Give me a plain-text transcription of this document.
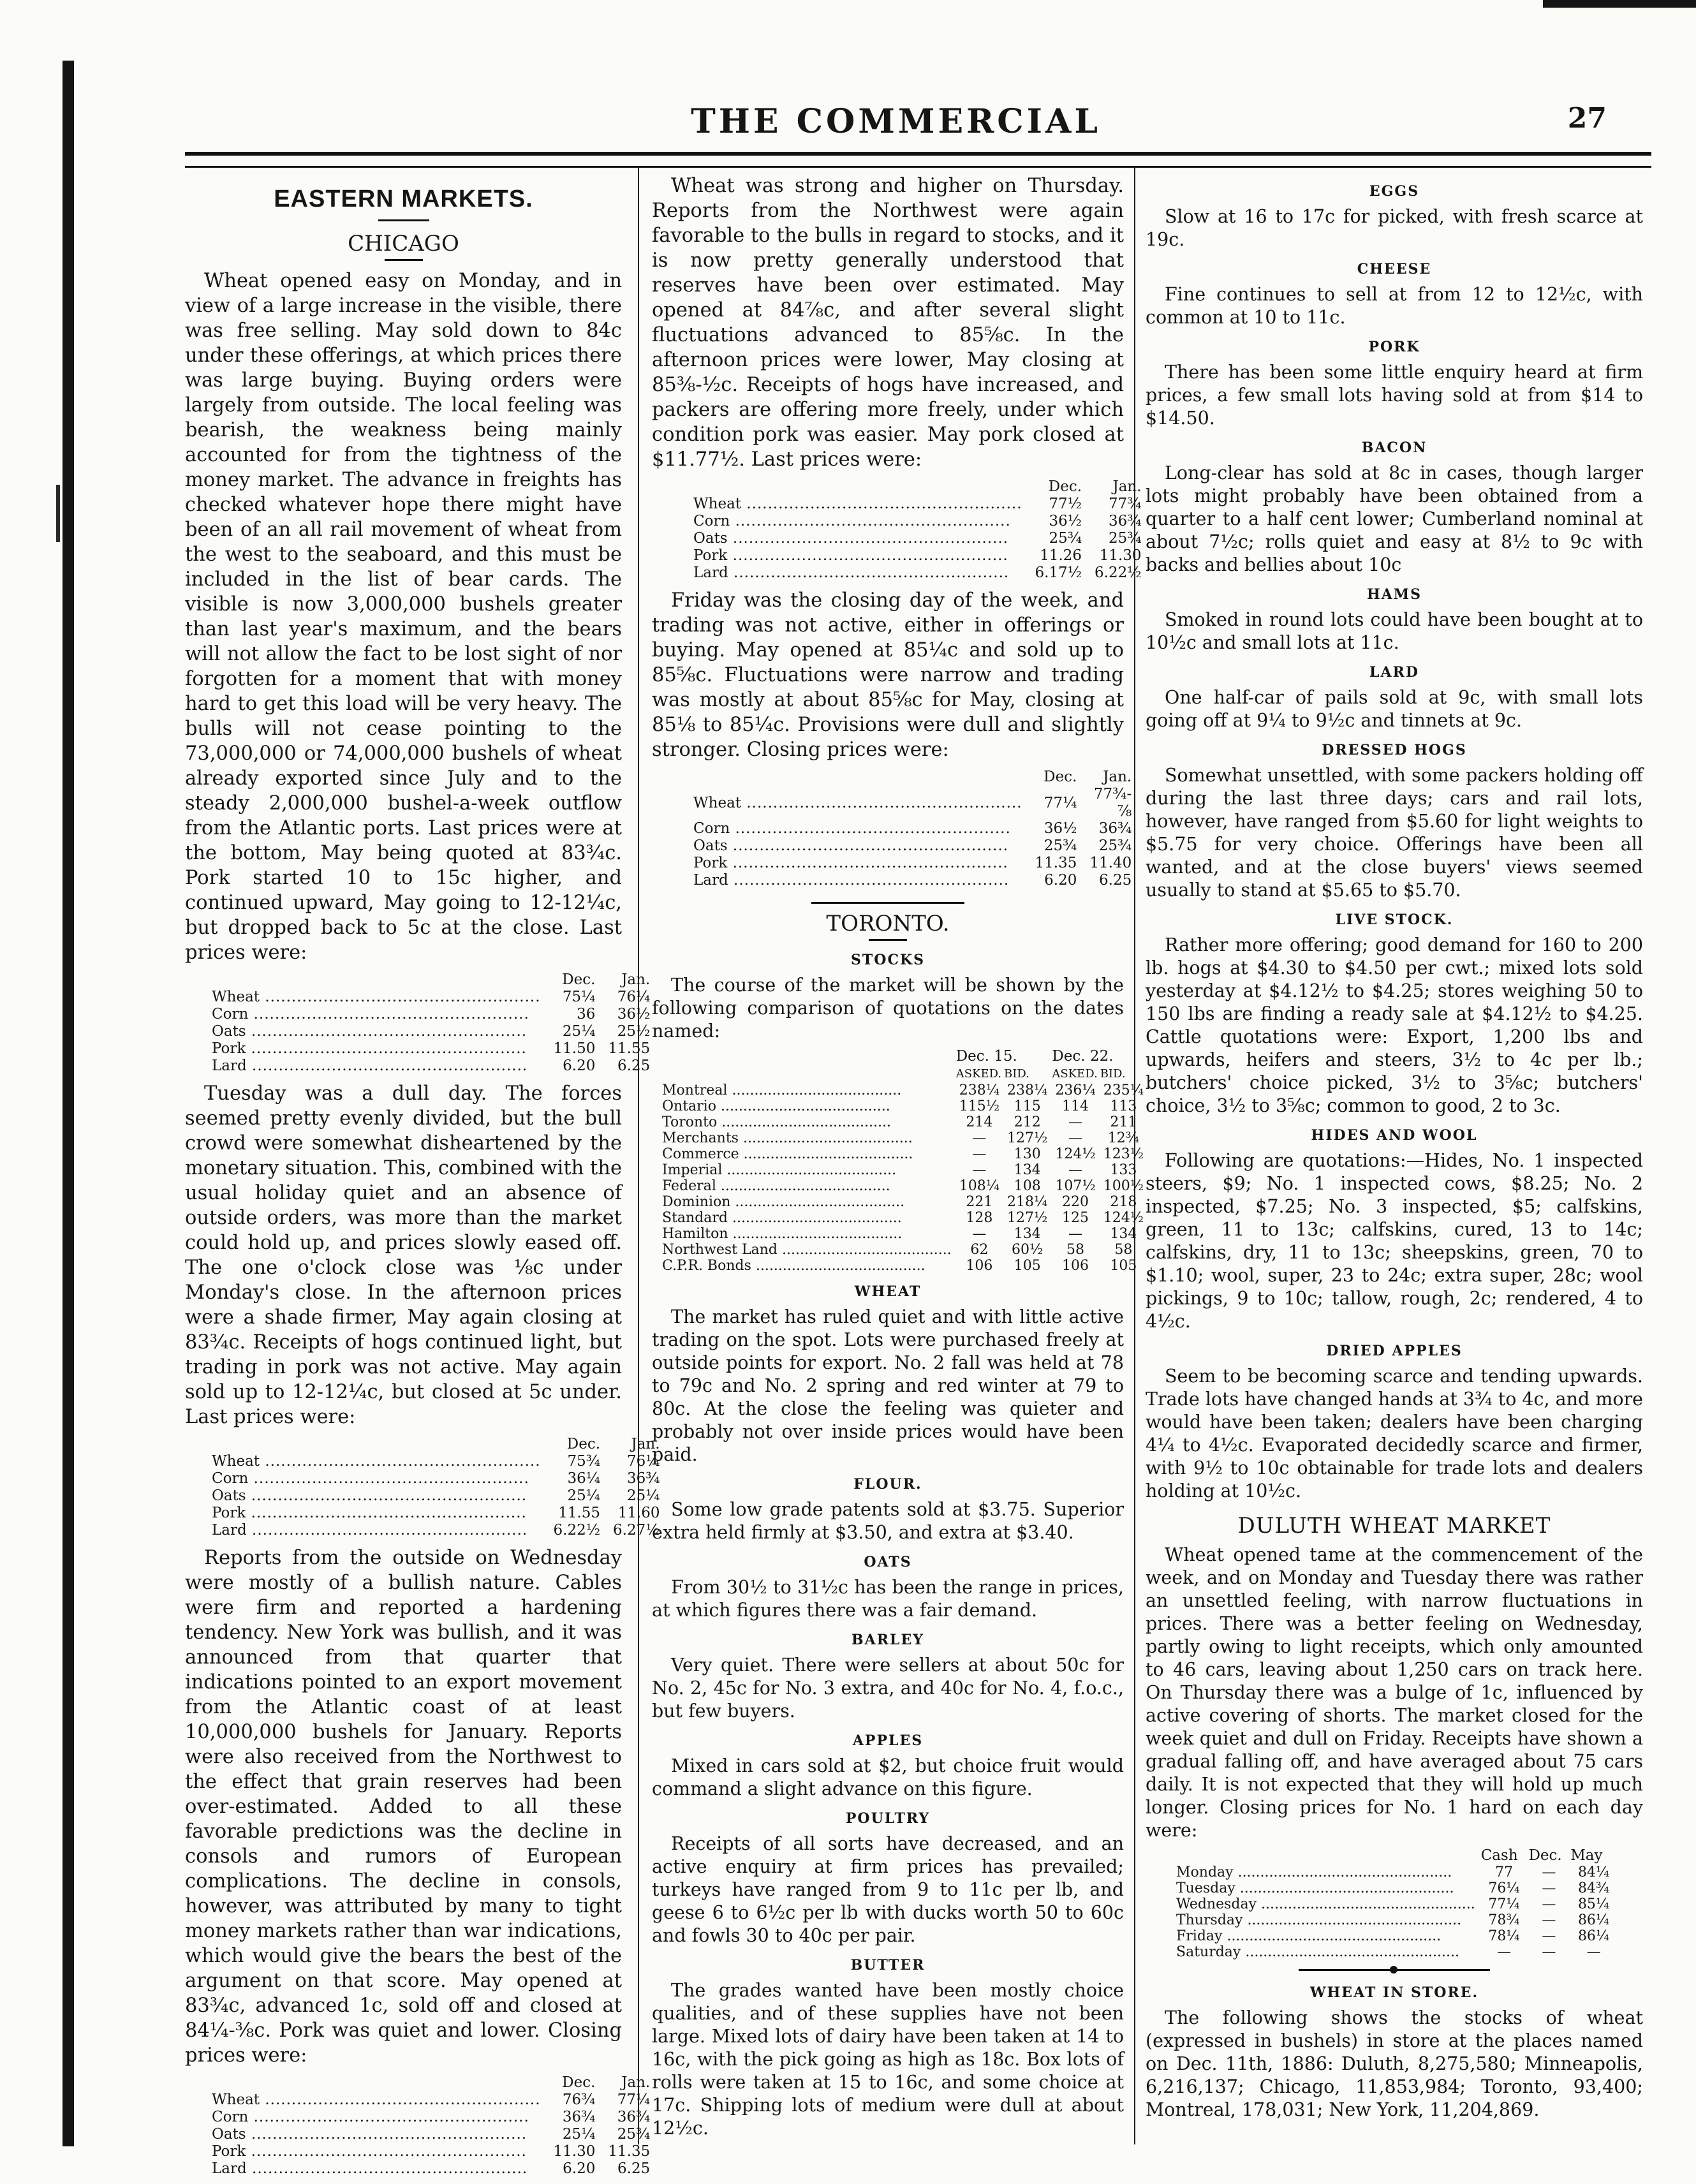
THE COMMERCIAL	27
EASTERN MARKETS.
CHICAGO

Wheat opened easy on Monday, and in view of a large increase in the visible, there was free selling. May sold down to 84c under these offerings, at which prices there was large buying. Buying orders were largely from outside. The local feeling was bearish, the weakness being mainly accounted for from the tightness of the money market. The advance in freights has checked whatever hope there might have been of an all rail movement of wheat from the west to the seaboard, and this must be included in the list of bear cards. The visible is now 3,000,000 bushels greater than last year's maximum, and the bears will not allow the fact to be lost sight of nor forgotten for a moment that with money hard to get this load will be very heavy. The bulls will not cease pointing to the 73,000,000 or 74,000,000 bushels of wheat already exported since July and to the steady 2,000,000 bushel-a-week outflow from the Atlantic ports. Last prices were at the bottom, May being quoted at 83¾c. Pork started 10 to 15c higher, and continued upward, May going to 12-12¼c, but dropped back to 5c at the close. Last prices were:

	Dec.	Jan.
Wheat .....	75¼	76¼
Corn .....	36	36½
Oats .....	25¼	25½
Pork .....	11.50	11.55
Lard .....	6.20	6.25

Tuesday was a dull day. The forces seemed pretty evenly divided, but the bull crowd were somewhat disheartened by the monetary situation. This, combined with the usual holiday quiet and an absence of outside orders, was more than the market could hold up, and prices slowly eased off. The one o'clock close was ⅛c under Monday's close. In the afternoon prices were a shade firmer, May again closing at 83¾c. Receipts of hogs continued light, but trading in pork was not active. May again sold up to 12-12¼c, but closed at 5c under. Last prices were:

	Dec.	Jan.
Wheat .....	75¾	76¼
Corn .....	36¼	36¾
Oats .....	25¼	25¼
Pork .....	11.55	11.60
Lard .....	6.22½	6.27½

Reports from the outside on Wednesday were mostly of a bullish nature. Cables were firm and reported a hardening tendency. New York was bullish, and it was announced from that quarter that indications pointed to an export movement from the Atlantic coast of at least 10,000,000 bushels for January. Reports were also received from the Northwest to the effect that grain reserves had been over-estimated. Added to all these favorable predictions was the decline in consols and rumors of European complications. The decline in consols, however, was attributed by many to tight money markets rather than war indications, which would give the bears the best of the argument on that score. May opened at 83¾c, advanced 1c, sold off and closed at 84¼-⅜c. Pork was quiet and lower. Closing prices were:

	Dec.	Jan.
Wheat .....	76¾	77¼
Corn .....	36¾	36¾
Oats .....	25¼	25¾
Pork .....	11.30	11.35
Lard .....	6.20	6.25

Wheat was strong and higher on Thursday. Reports from the Northwest were again favorable to the bulls in regard to stocks, and it is now pretty generally understood that reserves have been over estimated. May opened at 84⅞c, and after several slight fluctuations advanced to 85⅝c. In the afternoon prices were lower, May closing at 85⅜-½c. Receipts of hogs have increased, and packers are offering more freely, under which condition pork was easier. May pork closed at $11.77½. Last prices were:

	Dec.	Jan.
Wheat .....	77½	77¾
Corn .....	36½	36¾
Oats .....	25¾	25¾
Pork .....	11.26	11.30
Lard .....	6.17½	6.22½

Friday was the closing day of the week, and trading was not active, either in offerings or buying. May opened at 85¼c and sold up to 85⅝c. Fluctuations were narrow and trading was mostly at about 85⅝c for May, closing at 85⅛ to 85¼c. Provisions were dull and slightly stronger. Closing prices were:

	Dec.	Jan.
Wheat .....	77¼	77¾-⅞
Corn .....	36½	36¾
Oats .....	25¾	25¾
Pork .....	11.35	11.40
Lard .....	6.20	6.25
TORONTO.
STOCKS

The course of the market will be shown by the following comparison of quotations on the dates named:

	Dec. 15.		Dec. 22.	
	ASKED.	BID.	ASKED.	BID.
Montreal .....	238¼	238¼	236¼	235¼
Ontario .....	115½	115	114	113
Toronto .....	214	212	—	211
Merchants .....	—	127½	—	12¾
Commerce .....	—	130	124½	123½
Imperial .....	—	134	—	133
Federal .....	108¼	108	107½	100½
Dominion .....	221	218¼	220	218
Standard .....	128	127½	125	124½
Hamilton .....	—	134	—	134
Northwest Land .....	62	60½	58	58
C.P.R. Bonds .....	106	105	106	105
WHEAT

The market has ruled quiet and with little active trading on the spot. Lots were purchased freely at outside points for export. No. 2 fall was held at 78 to 79c and No. 2 spring and red winter at 79 to 80c. At the close the feeling was quieter and probably not over inside prices would have been paid.

FLOUR.

Some low grade patents sold at $3.75. Superior extra held firmly at $3.50, and extra at $3.40.

OATS

From 30½ to 31½c has been the range in prices, at which figures there was a fair demand.

BARLEY

Very quiet. There were sellers at about 50c for No. 2, 45c for No. 3 extra, and 40c for No. 4, f.o.c., but few buyers.

APPLES

Mixed in cars sold at $2, but choice fruit would command a slight advance on this figure.

POULTRY

Receipts of all sorts have decreased, and an active enquiry at firm prices has prevailed; turkeys have ranged from 9 to 11c per lb, and geese 6 to 6½c per lb with ducks worth 50 to 60c and fowls 30 to 40c per pair.

BUTTER

The grades wanted have been mostly choice qualities, and of these supplies have not been large. Mixed lots of dairy have been taken at 14 to 16c, with the pick going as high as 18c. Box lots of rolls were taken at 15 to 16c, and some choice at 17c. Shipping lots of medium were dull at about 12½c.

EGGS

Slow at 16 to 17c for picked, with fresh scarce at 19c.

CHEESE

Fine continues to sell at from 12 to 12½c, with common at 10 to 11c.

PORK

There has been some little enquiry heard at firm prices, a few small lots having sold at from $14 to $14.50.

BACON

Long-clear has sold at 8c in cases, though larger lots might probably have been obtained from a quarter to a half cent lower; Cumberland nominal at about 7½c; rolls quiet and easy at 8½ to 9c with backs and bellies about 10c

HAMS

Smoked in round lots could have been bought at to 10½c and small lots at 11c.

LARD

One half-car of pails sold at 9c, with small lots going off at 9¼ to 9½c and tinnets at 9c.

DRESSED HOGS

Somewhat unsettled, with some packers holding off during the last three days; cars and rail lots, however, have ranged from $5.60 for light weights to $5.75 for very choice. Offerings have been all wanted, and at the close buyers' views seemed usually to stand at $5.65 to $5.70.

LIVE STOCK.

Rather more offering; good demand for 160 to 200 lb. hogs at $4.30 to $4.50 per cwt.; mixed lots sold yesterday at $4.12½ to $4.25; stores weighing 50 to 150 lbs are finding a ready sale at $4.12½ to $4.25. Cattle quotations were: Export, 1,200 lbs and upwards, heifers and steers, 3½ to 4c per lb.; butchers' choice picked, 3½ to 3⅝c; butchers' choice, 3½ to 3⅝c; common to good, 2 to 3c.

HIDES AND WOOL

Following are quotations:—Hides, No. 1 inspected steers, $9; No. 1 inspected cows, $8.25; No. 2 inspected, $7.25; No. 3 inspected, $5; calfskins, green, 11 to 13c; calfskins, cured, 13 to 14c; calfskins, dry, 11 to 13c; sheepskins, green, 70 to $1.10; wool, super, 23 to 24c; extra super, 28c; wool pickings, 9 to 10c; tallow, rough, 2c; rendered, 4 to 4½c.

DRIED APPLES

Seem to be becoming scarce and tending upwards. Trade lots have changed hands at 3¾ to 4c, and more would have been taken; dealers have been charging 4¼ to 4½c. Evaporated decidedly scarce and firmer, with 9½ to 10c obtainable for trade lots and dealers holding at 10½c.

DULUTH WHEAT MARKET

Wheat opened tame at the commencement of the week, and on Monday and Tuesday there was rather an unsettled feeling, with narrow fluctuations in prices. There was a better feeling on Wednesday, partly owing to light receipts, which only amounted to 46 cars, leaving about 1,250 cars on track here. On Thursday there was a bulge of 1c, influenced by active covering of shorts. The market closed for the week quiet and dull on Friday. Receipts have shown a gradual falling off, and have averaged about 75 cars daily. It is not expected that they will hold up much longer. Closing prices for No. 1 hard on each day were:

	Cash	Dec.	May
Monday .....	77	—	84¼
Tuesday .....	76¼	—	84¾
Wednesday .....	77¼	—	85¼
Thursday .....	78¾	—	86¼
Friday .....	78¼	—	86¼
Saturday .....	—	—	—
WHEAT IN STORE.

The following shows the stocks of wheat (expressed in bushels) in store at the places named on Dec. 11th, 1886: Duluth, 8,275,580; Minneapolis, 6,216,137; Chicago, 11,853,984; Toronto, 93,400; Montreal, 178,031; New York, 11,204,869.
